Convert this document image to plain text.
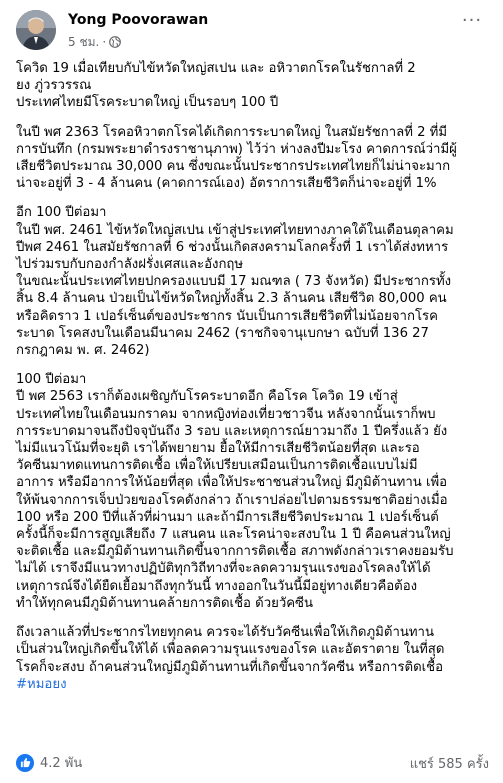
Yong Poovorawan
5 ชม. ·
···

โควิด 19 เมื่อเทียบกับไข้หวัดใหญ่สเปน และ อหิวาตกโรคในรัชกาลที่ 2
ยง ภู่วรวรรณ
ประเทศไทยมีโรคระบาดใหญ่ เป็นรอบๆ 100 ปี

ในปี พศ 2363 โรคอหิวาตกโรคได้เกิดการระบาดใหญ่ ในสมัยรัชกาลที่ 2 ที่มี
การบันทึก (กรมพระยาดำรงราชานุภาพ) ไว้ว่า ห่างลงปีมะโรง คาดการณ์ว่ามีผู้
เสียชีวิตประมาณ 30,000 คน ซึ่งขณะนั้นประชากรประเทศไทยก็ไม่น่าจะมาก
น่าจะอยู่ที่ 3 - 4 ล้านคน (คาดการณ์เอง) อัตราการเสียชีวิตก็น่าจะอยู่ที่ 1%

อีก 100 ปีต่อมา
ในปี พศ. 2461 ไข้หวัดใหญ่สเปน เข้าสู่ประเทศไทยทางภาคใต้ในเดือนตุลาคม
ปีพศ 2461 ในสมัยรัชกาลที่ 6 ช่วงนั้นเกิดสงครามโลกครั้งที่ 1 เราได้ส่งทหาร
ไปร่วมรบกับกองกำลังฝรั่งเศสและอังกฤษ
ในขณะนั้นประเทศไทยปกครองแบบมี 17 มณฑล ( 73 จังหวัด) มีประชากรทั้ง
สิ้น 8.4 ล้านคน ป่วยเป็นไข้หวัดใหญ่ทั้งสิ้น 2.3 ล้านคน เสียชีวิต 80,000 คน
หรือคิดราว 1 เปอร์เซ็นต์ของประชากร นับเป็นการเสียชีวิตที่ไม่น้อยจากโรค
ระบาด โรคสงบในเดือนมีนาคม 2462 (ราชกิจจานุเบกษา ฉบับที่ 136 27
กรกฎาคม พ. ศ. 2462)

100 ปีต่อมา
ปี พศ 2563 เราก็ต้องเผชิญกับโรคระบาดอีก คือโรค โควิด 19 เข้าสู่
ประเทศไทยในเดือนมกราคม จากหญิงท่องเที่ยวชาวจีน หลังจากนั้นเราก็พบ
การระบาดมาจนถึงปัจจุบันถึง 3 รอบ และเหตุการณ์ยาวมาถึง 1 ปีครึ่งแล้ว ยัง
ไม่มีแนวโน้มที่จะยุติ เราได้พยายาม ยื้อให้มีการเสียชีวิตน้อยที่สุด และรอ
วัคซีนมาทดแทนการติดเชื้อ เพื่อให้เปรียบเสมือนเป็นการติดเชื้อแบบไม่มี
อาการ หรือมีอาการให้น้อยที่สุด เพื่อให้ประชาชนส่วนใหญ่ มีภูมิต้านทาน เพื่อ
ให้พ้นจากการเจ็บป่วยของโรคดังกล่าว ถ้าเราปล่อยไปตามธรรมชาติอย่างเมื่อ
100 หรือ 200 ปีที่แล้วที่ผ่านมา และถ้ามีการเสียชีวิตประมาณ 1 เปอร์เซ็นต์
ครั้งนี้ก็จะมีการสูญเสียถึง 7 แสนคน และโรคน่าจะสงบใน 1 ปี คือคนส่วนใหญ่
จะติดเชื้อ และมีภูมิต้านทานเกิดขึ้นจากการติดเชื้อ สภาพดังกล่าวเราคงยอมรับ
ไม่ได้ เราจึงมีแนวทางปฏิบัติทุกวิถีทางที่จะลดความรุนแรงของโรคลงให้ได้
เหตุการณ์จึงได้ยืดเยื้อมาถึงทุกวันนี้ ทางออกในวันนี้มีอยู่ทางเดียวคือต้อง
ทำให้ทุกคนมีภูมิต้านทานคล้ายการติดเชื้อ ด้วยวัคซีน

ถึงเวลาแล้วที่ประชากรไทยทุกคน ควรจะได้รับวัคซีนเพื่อให้เกิดภูมิต้านทาน
เป็นส่วนใหญ่เกิดขึ้นให้ได้ เพื่อลดความรุนแรงของโรค และอัตราตาย ในที่สุด
โรคก็จะสงบ ถ้าคนส่วนใหญ่มีภูมิต้านทานที่เกิดขึ้นจากวัคซีน หรือการติดเชื้อ

#หมอยง
4.2 พัน	แชร์ 585 ครั้ง
